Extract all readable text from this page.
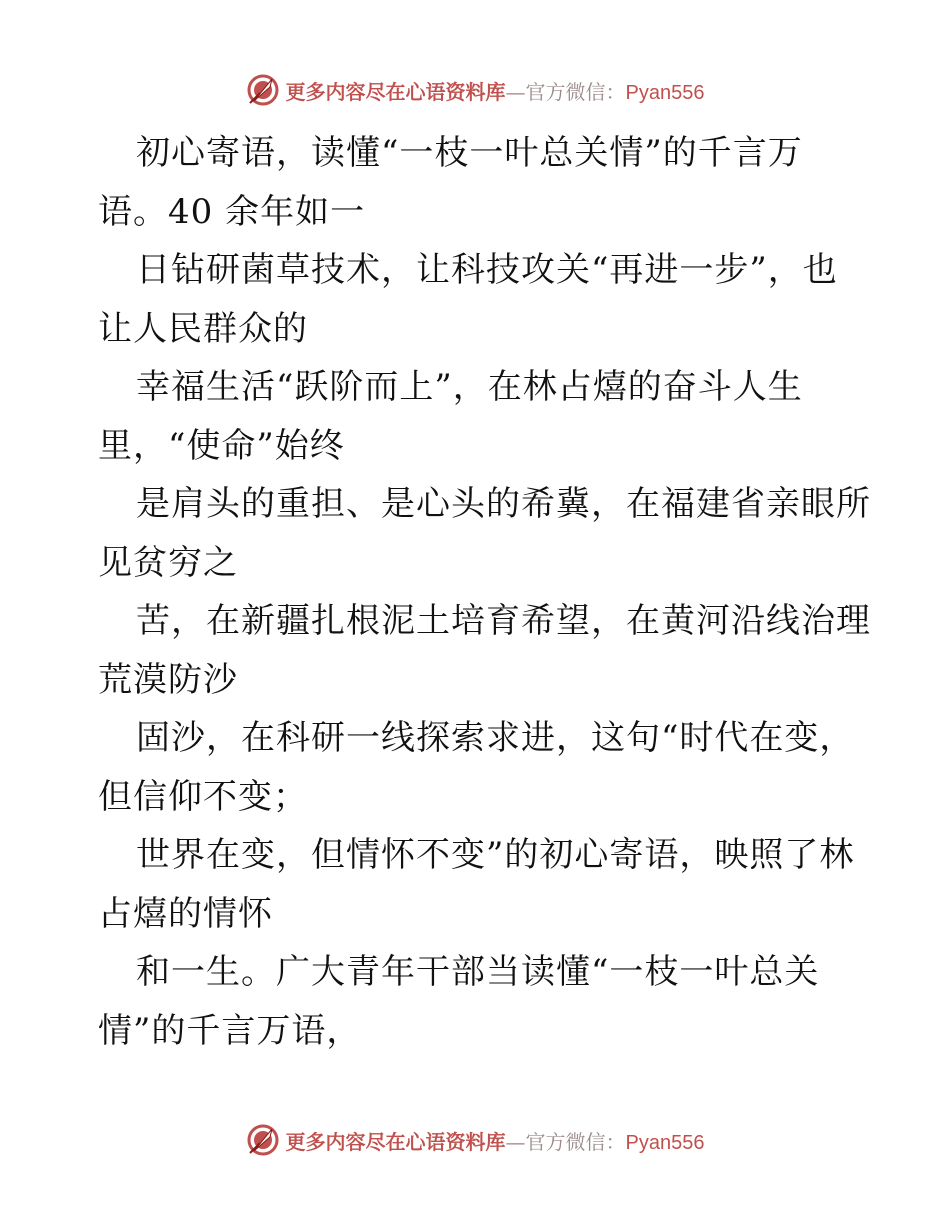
更多内容尽在心语资料库—官方微信：Pyan556
初心寄语，读懂“一枝一叶总关情”的千言万
语。40 余年如一
日钻研菌草技术，让科技攻关“再进一步”，也
让人民群众的
幸福生活“跃阶而上”，在林占熺的奋斗人生
里，“使命”始终
是肩头的重担、是心头的希冀，在福建省亲眼所
见贫穷之
苦，在新疆扎根泥土培育希望，在黄河沿线治理
荒漠防沙
固沙，在科研一线探索求进，这句“时代在变，
但信仰不变；
世界在变，但情怀不变”的初心寄语，映照了林
占熺的情怀
和一生。广大青年干部当读懂“一枝一叶总关
情”的千言万语，
更多内容尽在心语资料库—官方微信：Pyan556
